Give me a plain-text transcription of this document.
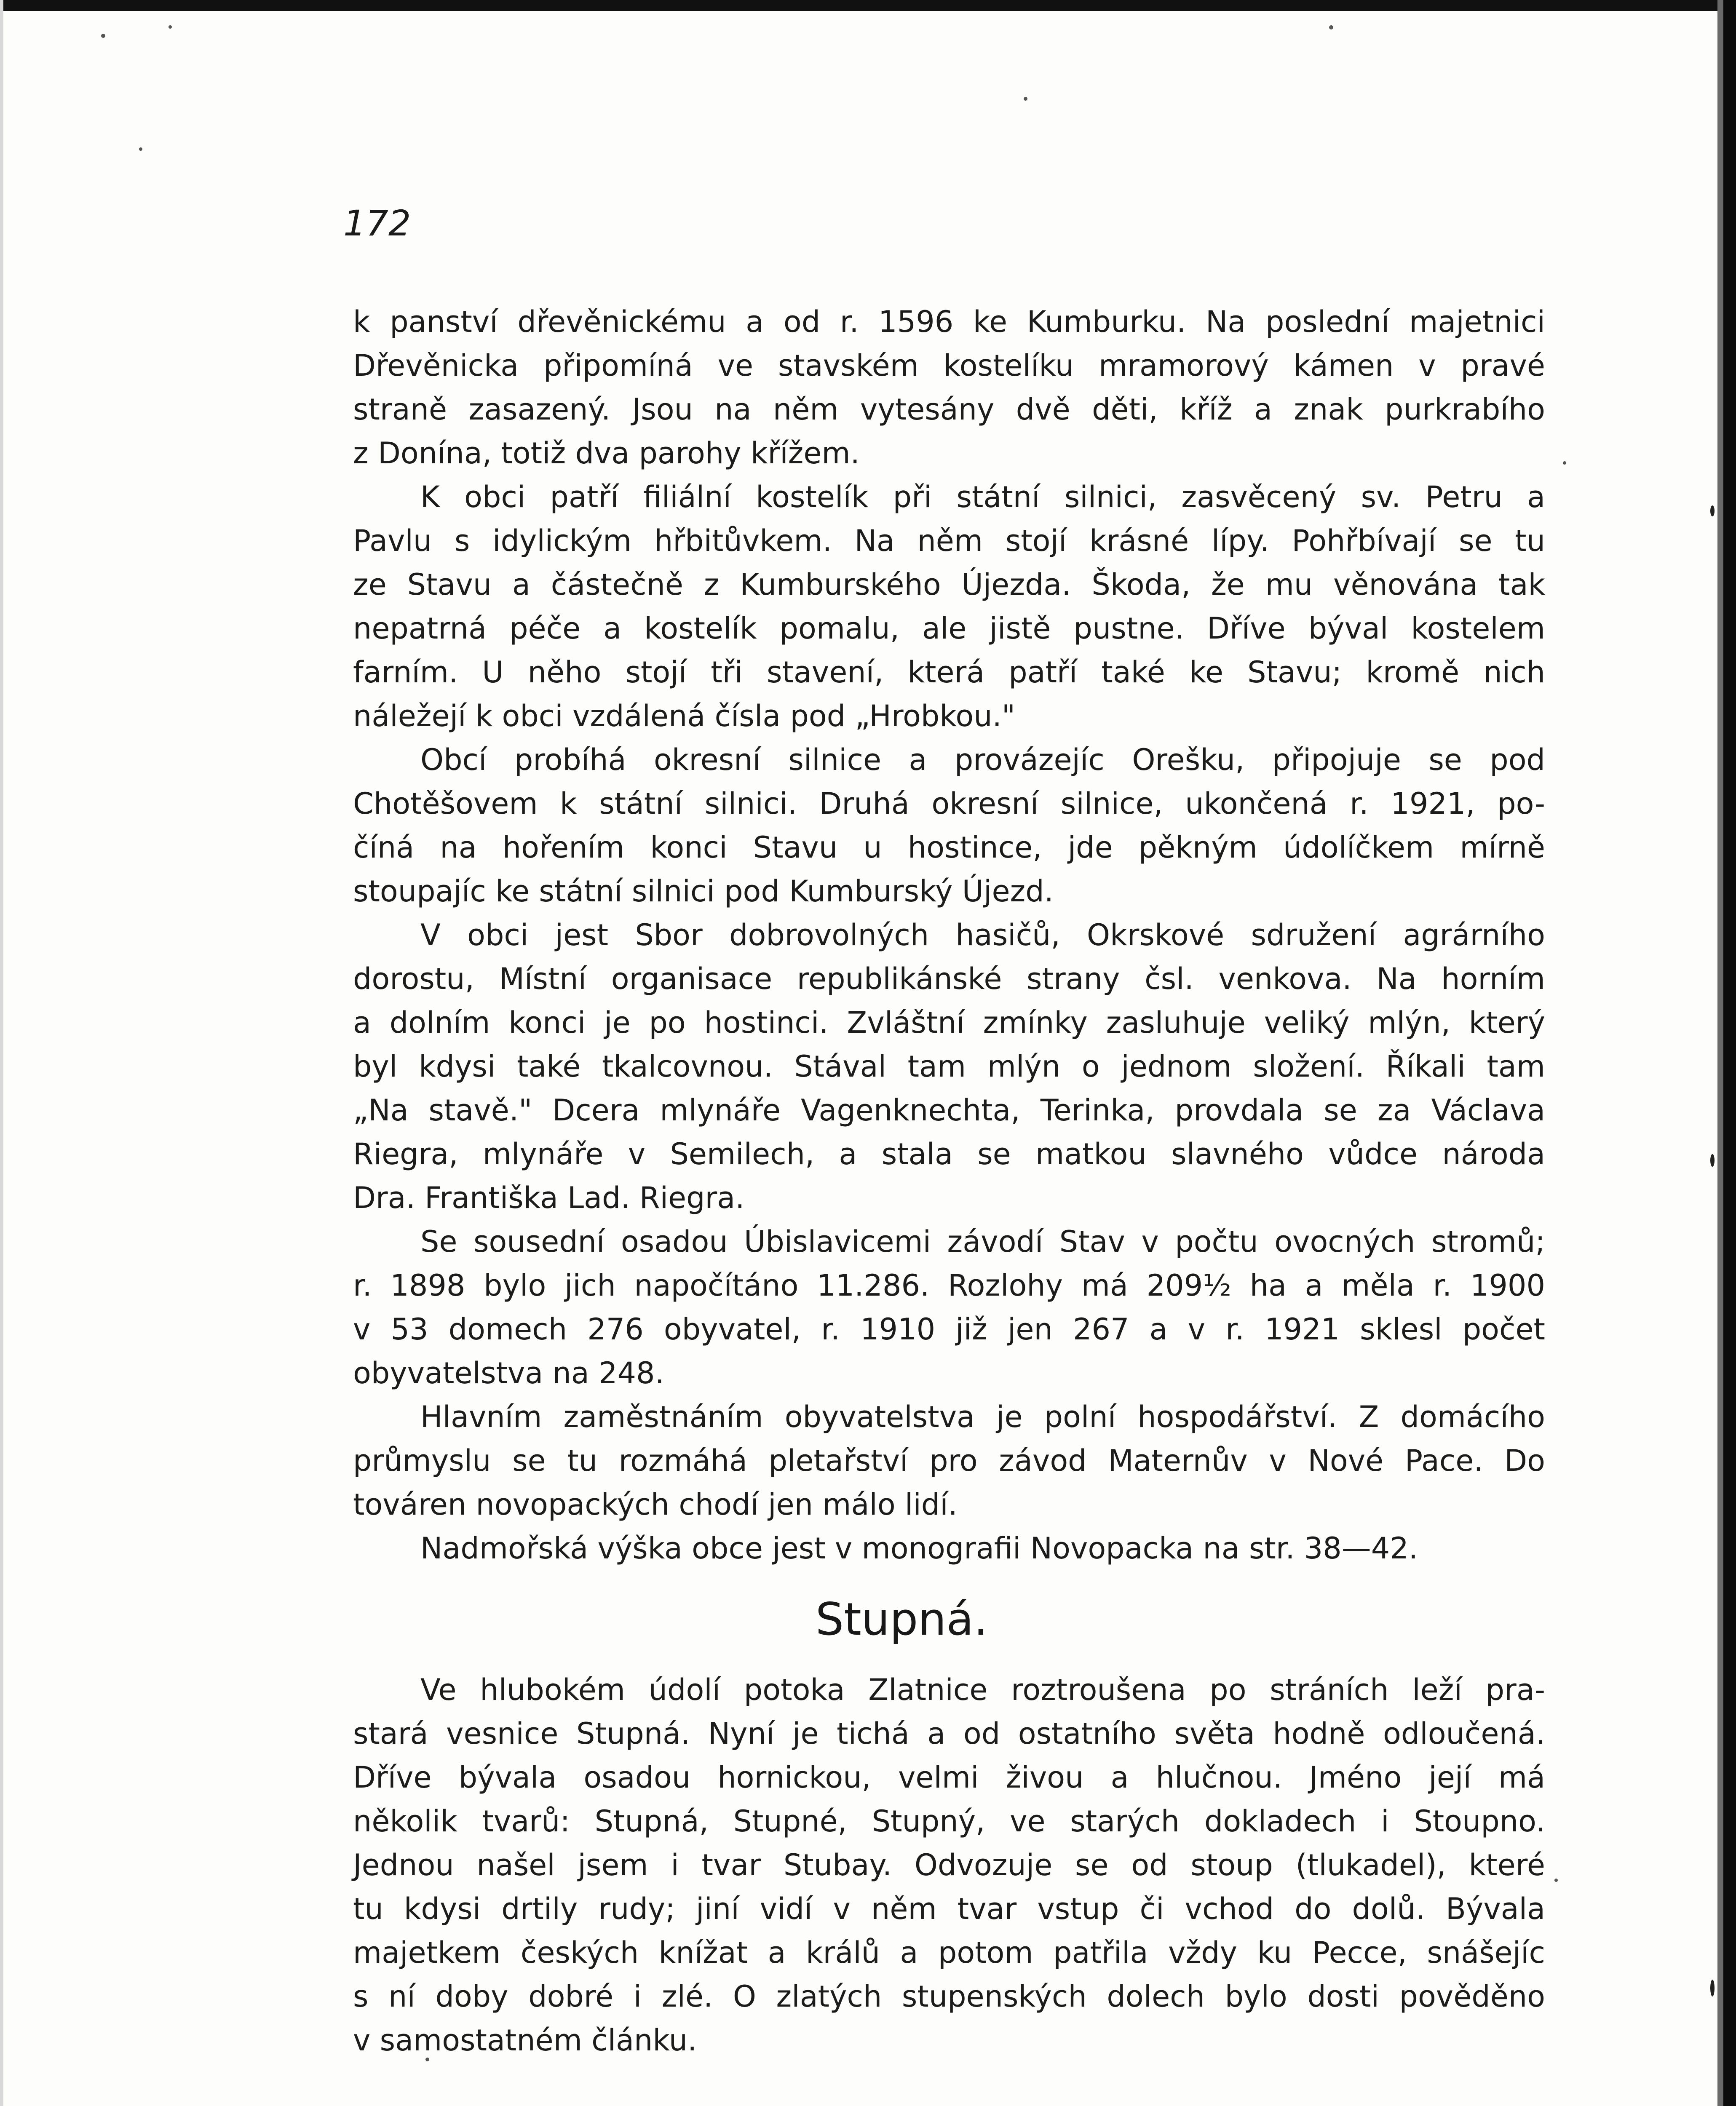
172
k panství dřevěnickému a od r. 1596 ke Kumburku. Na poslední majetnici
Dřevěnicka připomíná ve stavském kostelíku mramorový kámen v pravé
straně zasazený. Jsou na něm vytesány dvě děti, kříž a znak purkrabího
z Donína, totiž dva parohy křížem.
K obci patří filiální kostelík při státní silnici, zasvěcený sv. Petru a
Pavlu s idylickým hřbitůvkem. Na něm stojí krásné lípy. Pohřbívají se tu
ze Stavu a částečně z Kumburského Újezda. Škoda, že mu věnována tak
nepatrná péče a kostelík pomalu, ale jistě pustne. Dříve býval kostelem
farním. U něho stojí tři stavení, která patří také ke Stavu; kromě nich
náležejí k obci vzdálená čísla pod „Hrobkou."
Obcí probíhá okresní silnice a provázejíc Orešku, připojuje se pod
Chotěšovem k státní silnici. Druhá okresní silnice, ukončená r. 1921, po-
číná na hořením konci Stavu u hostince, jde pěkným údolíčkem mírně
stoupajíc ke státní silnici pod Kumburský Újezd.
V obci jest Sbor dobrovolných hasičů, Okrskové sdružení agrárního
dorostu, Místní organisace republikánské strany čsl. venkova. Na horním
a dolním konci je po hostinci. Zvláštní zmínky zasluhuje veliký mlýn, který
byl kdysi také tkalcovnou. Stával tam mlýn o jednom složení. Říkali tam
„Na stavě." Dcera mlynáře Vagenknechta, Terinka, provdala se za Václava
Riegra, mlynáře v Semilech, a stala se matkou slavného vůdce národa
Dra. Františka Lad. Riegra.
Se sousední osadou Úbislavicemi závodí Stav v počtu ovocných stromů;
r. 1898 bylo jich napočítáno 11.286. Rozlohy má 209½ ha a měla r. 1900
v 53 domech 276 obyvatel, r. 1910 již jen 267 a v r. 1921 sklesl počet
obyvatelstva na 248.
Hlavním zaměstnáním obyvatelstva je polní hospodářství. Z domácího
průmyslu se tu rozmáhá pletařství pro závod Maternův v Nové Pace. Do
továren novopackých chodí jen málo lidí.
Nadmořská výška obce jest v monografii Novopacka na str. 38—42.
Stupná.
Ve hlubokém údolí potoka Zlatnice roztroušena po stráních leží pra-
stará vesnice Stupná. Nyní je tichá a od ostatního světa hodně odloučená.
Dříve bývala osadou hornickou, velmi živou a hlučnou. Jméno její má
několik tvarů: Stupná, Stupné, Stupný, ve starých dokladech i Stoupno.
Jednou našel jsem i tvar Stubay. Odvozuje se od stoup (tlukadel), které
tu kdysi drtily rudy; jiní vidí v něm tvar vstup či vchod do dolů. Bývala
majetkem českých knížat a králů a potom patřila vždy ku Pecce, snášejíc
s ní doby dobré i zlé. O zlatých stupenských dolech bylo dosti pověděno
v samostatném článku.
